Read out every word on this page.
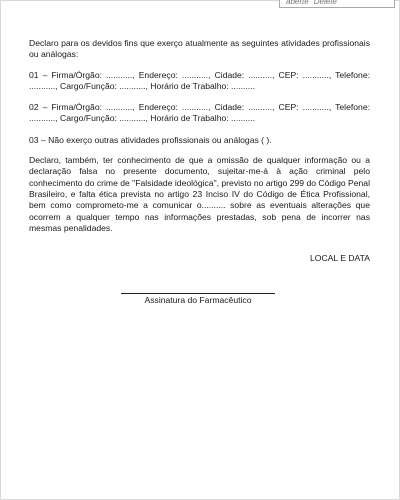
aberte "Delete"

Declaro para os devidos fins que exerço atualmente as seguintes atividades profissionais ou análogas:

01 – Firma/Órgão: ..........., Endereço: ..........., Cidade: .........., CEP: ..........., Telefone: ..........., Cargo/Função: ..........., Horário de Trabalho: ..........

02 – Firma/Órgão: ..........., Endereço: ..........., Cidade: .........., CEP: ..........., Telefone: ..........., Cargo/Função: ..........., Horário de Trabalho: ..........

03 – Não exerço outras atividades profissionais ou análogas ( ).

Declaro, também, ter conhecimento de que a omissão de qualquer informação ou a declaração falsa no presente documento, sujeitar-me-á à ação criminal pelo conhecimento do crime de "Falsidade ideológica", previsto no artigo 299 do Código Penal Brasileiro, e falta ética prevista no artigo 23 Inciso IV do Código de Ética Profissional, bem como comprometo-me a comunicar o.......... sobre as eventuais alterações que ocorrem a qualquer tempo nas informações prestadas, sob pena de incorrer nas mesmas penalidades.

LOCAL E DATA
Assinatura do Farmacêutico
